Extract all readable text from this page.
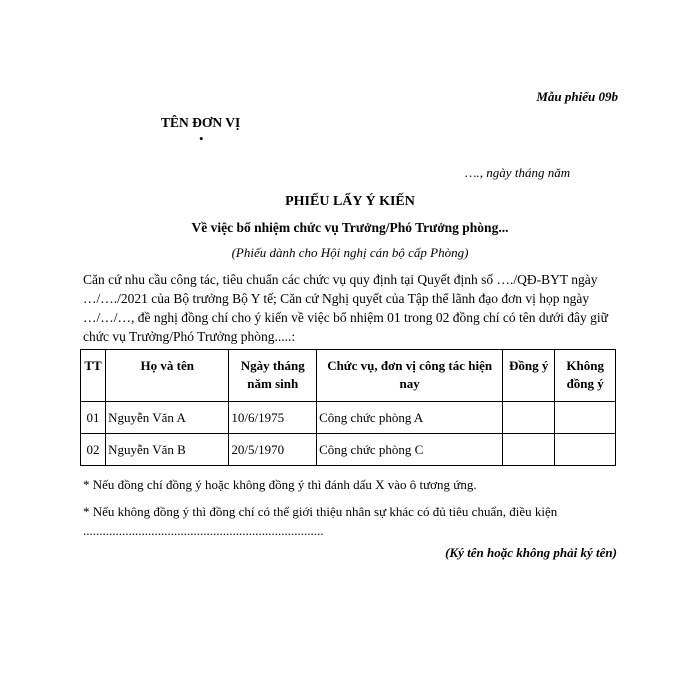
Mẫu phiếu 09b
TÊN ĐƠN VỊ
•
…., ngày tháng năm
PHIẾU LẤY Ý KIẾN
Về việc bổ nhiệm chức vụ Trưởng/Phó Trưởng phòng...
(Phiếu dành cho Hội nghị cán bộ cấp Phòng)

Căn cứ nhu cầu công tác, tiêu chuẩn các chức vụ quy định tại Quyết định số …./QĐ-BYT ngày …/…./2021 của Bộ trưởng Bộ Y tế; Căn cứ Nghị quyết của Tập thể lãnh đạo đơn vị họp ngày …/…/…, đề nghị đồng chí cho ý kiến về việc bổ nhiệm 01 trong 02 đồng chí có tên dưới đây giữ chức vụ Trưởng/Phó Trưởng phòng.....:

TT	Họ và tên	Ngày tháng năm sinh	Chức vụ, đơn vị công tác hiện nay	Đồng ý	Không đồng ý
01	Nguyễn Văn A	10/6/1975	Công chức phòng A		
02	Nguyễn Văn B	20/5/1970	Công chức phòng C		
* Nếu đồng chí đồng ý hoặc không đồng ý thì đánh dấu X vào ô tương ứng.
* Nếu không đồng ý thì đồng chí có thể giới thiệu nhân sự khác có đủ tiêu chuẩn, điều kiện ..........................................................................
(Ký tên hoặc không phải ký tên)
